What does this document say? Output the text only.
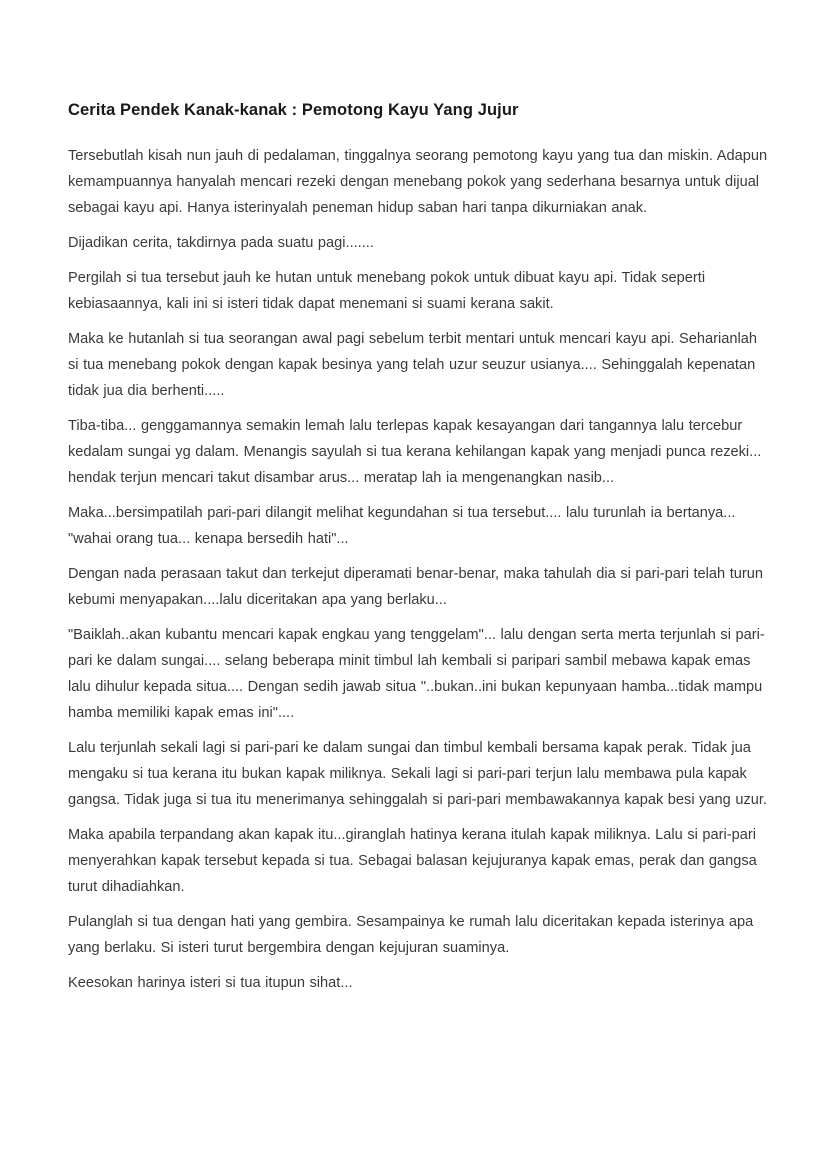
Cerita Pendek Kanak-kanak : Pemotong Kayu Yang Jujur

Tersebutlah kisah nun jauh di pedalaman, tinggalnya seorang pemotong kayu yang tua dan miskin. Adapun kemampuannya hanyalah mencari rezeki dengan menebang pokok yang sederhana besarnya untuk dijual sebagai kayu api. Hanya isterinyalah peneman hidup saban hari tanpa dikurniakan anak.

Dijadikan cerita, takdirnya pada suatu pagi.......

Pergilah si tua tersebut jauh ke hutan untuk menebang pokok untuk dibuat kayu api. Tidak seperti kebiasaannya, kali ini si isteri tidak dapat menemani si suami kerana sakit.

Maka ke hutanlah si tua seorangan awal pagi sebelum terbit mentari untuk mencari kayu api. Seharianlah si tua menebang pokok dengan kapak besinya yang telah uzur seuzur usianya.... Sehinggalah kepenatan tidak jua dia berhenti.....

Tiba-tiba... genggamannya semakin lemah lalu terlepas kapak kesayangan dari tangannya lalu tercebur kedalam sungai yg dalam. Menangis sayulah si tua kerana kehilangan kapak yang menjadi punca rezeki... hendak terjun mencari takut disambar arus... meratap lah ia mengenangkan nasib...

Maka...bersimpatilah pari-pari dilangit melihat kegundahan si tua tersebut.... lalu turunlah ia bertanya... "wahai orang tua... kenapa bersedih hati"...

Dengan nada perasaan takut dan terkejut diperamati benar-benar, maka tahulah dia si pari-pari telah turun kebumi menyapakan....lalu diceritakan apa yang berlaku...

"Baiklah..akan kubantu mencari kapak engkau yang tenggelam"... lalu dengan serta merta terjunlah si pari-pari ke dalam sungai.... selang beberapa minit timbul lah kembali si paripari sambil mebawa kapak emas lalu dihulur kepada situa.... Dengan sedih jawab situa "..bukan..ini bukan kepunyaan hamba...tidak mampu hamba memiliki kapak emas ini"....

Lalu terjunlah sekali lagi si pari-pari ke dalam sungai dan timbul kembali bersama kapak perak. Tidak jua mengaku si tua kerana itu bukan kapak miliknya. Sekali lagi si pari-pari terjun lalu membawa pula kapak gangsa. Tidak juga si tua itu menerimanya sehinggalah si pari-pari membawakannya kapak besi yang uzur.

Maka apabila terpandang akan kapak itu...giranglah hatinya kerana itulah kapak miliknya. Lalu si pari-pari menyerahkan kapak tersebut kepada si tua. Sebagai balasan kejujuranya kapak emas, perak dan gangsa turut dihadiahkan.

Pulanglah si tua dengan hati yang gembira. Sesampainya ke rumah lalu diceritakan kepada isterinya apa yang berlaku. Si isteri turut bergembira dengan kejujuran suaminya.

Keesokan harinya isteri si tua itupun sihat...
